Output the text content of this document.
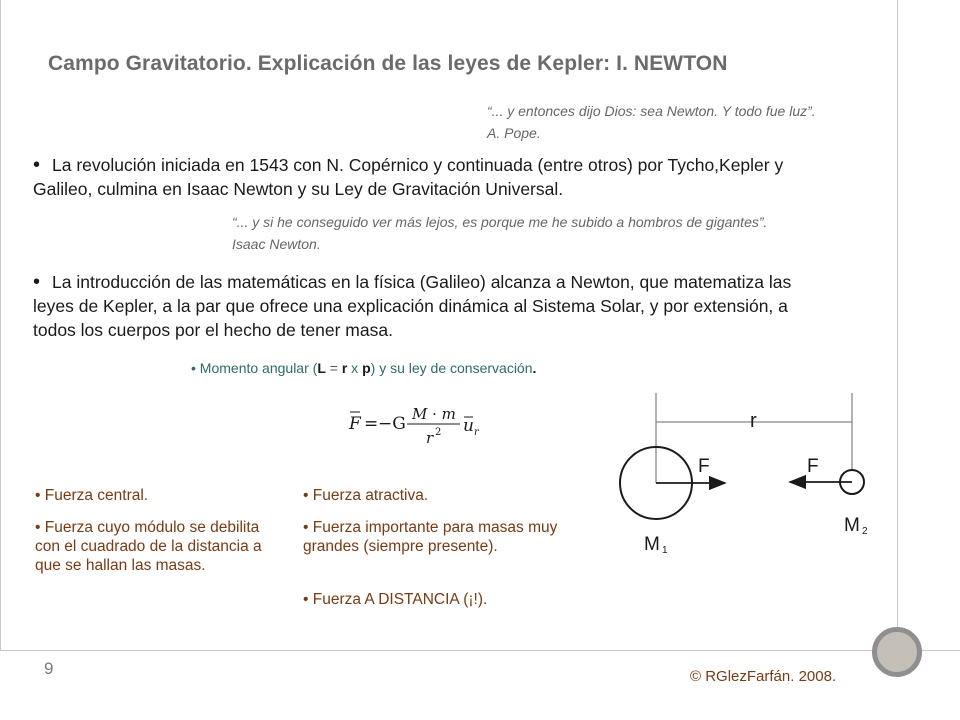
Campo Gravitatorio. Explicación de las leyes de Kepler: I. NEWTON
“... y entonces dijo Dios: sea Newton. Y todo fue luz”.
A. Pope.
• La revolución iniciada en 1543 con N. Copérnico y continuada (entre otros) por Tycho,Kepler y Galileo, culmina en Isaac Newton y su Ley de Gravitación Universal.
“... y si he conseguido ver más lejos, es porque me he subido a hombros de gigantes”.
Isaac Newton.
• La introducción de las matemáticas en la física (Galileo) alcanza a Newton, que matematiza las leyes de Kepler, a la par que ofrece una explicación dinámica al Sistema Solar, y por extensión, a todos los cuerpos por el hecho de tener masa.
• Momento angular (L = r x p) y su ley de conservación.
F = −G M · m
r 2 u r
• Fuerza central.
• Fuerza cuyo módulo se debilita con el cuadrado de la distancia a que se hallan las masas.
• Fuerza atractiva.
• Fuerza importante para masas muy grandes (siempre presente).
• Fuerza A DISTANCIA (¡!).
r
F
M 1
F
M 2
9	© RGlezFarfán. 2008.
